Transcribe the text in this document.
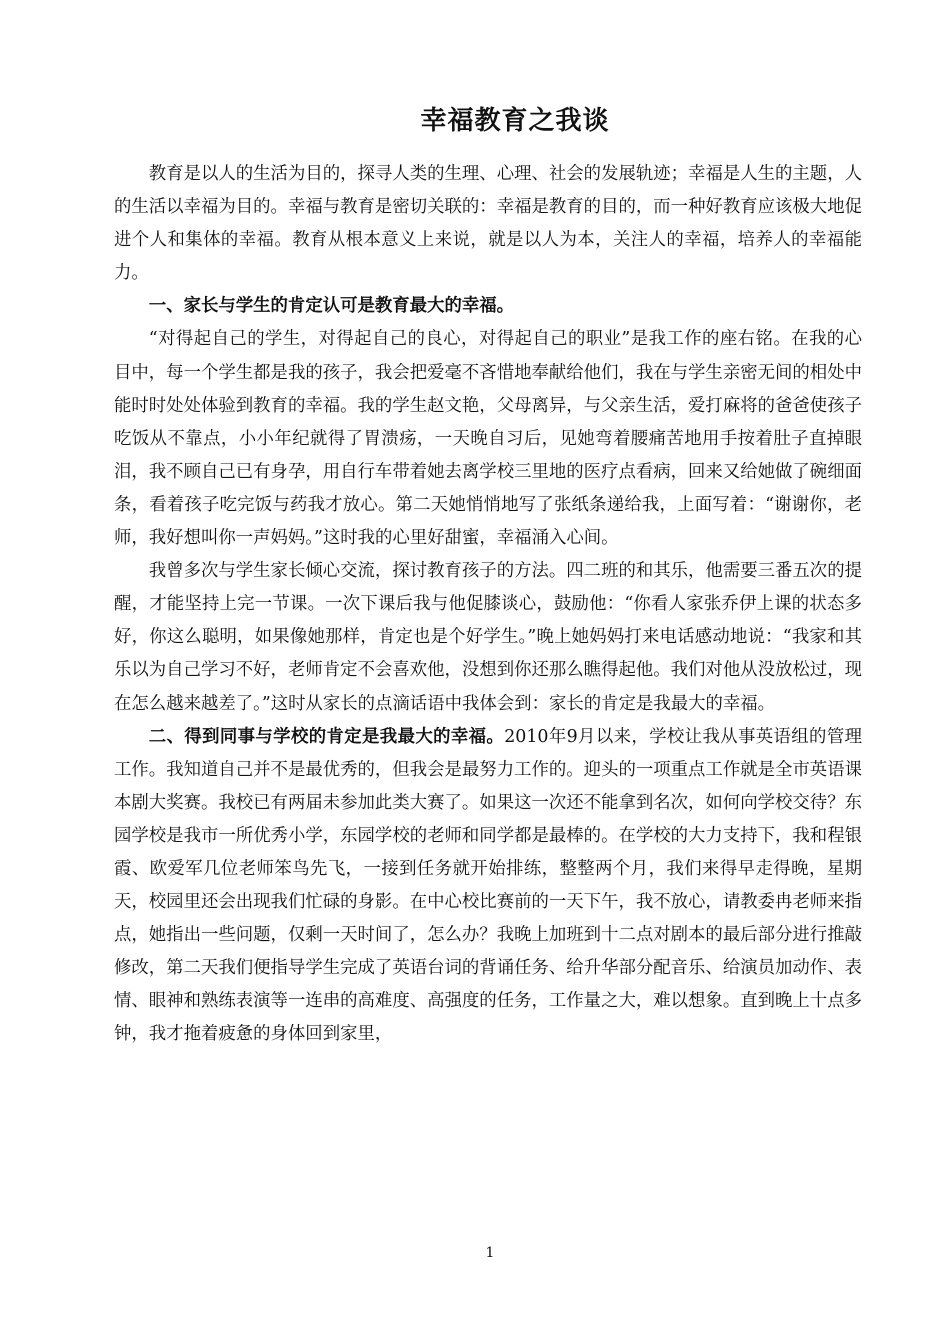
幸福教育之我谈

教育是以人的生活为目的，探寻人类的生理、心理、社会的发展轨迹；幸福是人生的主题，人的生活以幸福为目的。幸福与教育是密切关联的：幸福是教育的目的，而一种好教育应该极大地促进个人和集体的幸福。教育从根本意义上来说，就是以人为本，关注人的幸福，培养人的幸福能力。

一、家长与学生的肯定认可是教育最大的幸福。

“对得起自己的学生，对得起自己的良心，对得起自己的职业”是我工作的座右铭。在我的心目中，每一个学生都是我的孩子，我会把爱毫不吝惜地奉献给他们，我在与学生亲密无间的相处中能时时处处体验到教育的幸福。我的学生赵文艳，父母离异，与父亲生活，爱打麻将的爸爸使孩子吃饭从不靠点，小小年纪就得了胃溃疡，一天晚自习后，见她弯着腰痛苦地用手按着肚子直掉眼泪，我不顾自己已有身孕，用自行车带着她去离学校三里地的医疗点看病，回来又给她做了碗细面条，看着孩子吃完饭与药我才放心。第二天她悄悄地写了张纸条递给我，上面写着：“谢谢你，老师，我好想叫你一声妈妈。”这时我的心里好甜蜜，幸福涌入心间。

我曾多次与学生家长倾心交流，探讨教育孩子的方法。四二班的和其乐，他需要三番五次的提醒，才能坚持上完一节课。一次下课后我与他促膝谈心，鼓励他：“你看人家张乔伊上课的状态多好，你这么聪明，如果像她那样，肯定也是个好学生。”晚上她妈妈打来电话感动地说：“我家和其乐以为自己学习不好，老师肯定不会喜欢他，没想到你还那么瞧得起他。我们对他从没放松过，现在怎么越来越差了。”这时从家长的点滴话语中我体会到：家长的肯定是我最大的幸福。

二、得到同事与学校的肯定是我最大的幸福。2010年9月以来，学校让我从事英语组的管理工作。我知道自己并不是最优秀的，但我会是最努力工作的。迎头的一项重点工作就是全市英语课本剧大奖赛。我校已有两届未参加此类大赛了。如果这一次还不能拿到名次，如何向学校交待？东园学校是我市一所优秀小学，东园学校的老师和同学都是最棒的。在学校的大力支持下，我和程银霞、欧爱军几位老师笨鸟先飞，一接到任务就开始排练，整整两个月，我们来得早走得晚，星期天，校园里还会出现我们忙碌的身影。在中心校比赛前的一天下午，我不放心，请教委冉老师来指点，她指出一些问题，仅剩一天时间了，怎么办？我晚上加班到十二点对剧本的最后部分进行推敲修改，第二天我们便指导学生完成了英语台词的背诵任务、给升华部分配音乐、给演员加动作、表情、眼神和熟练表演等一连串的高难度、高强度的任务，工作量之大，难以想象。直到晚上十点多钟，我才拖着疲惫的身体回到家里，

1
